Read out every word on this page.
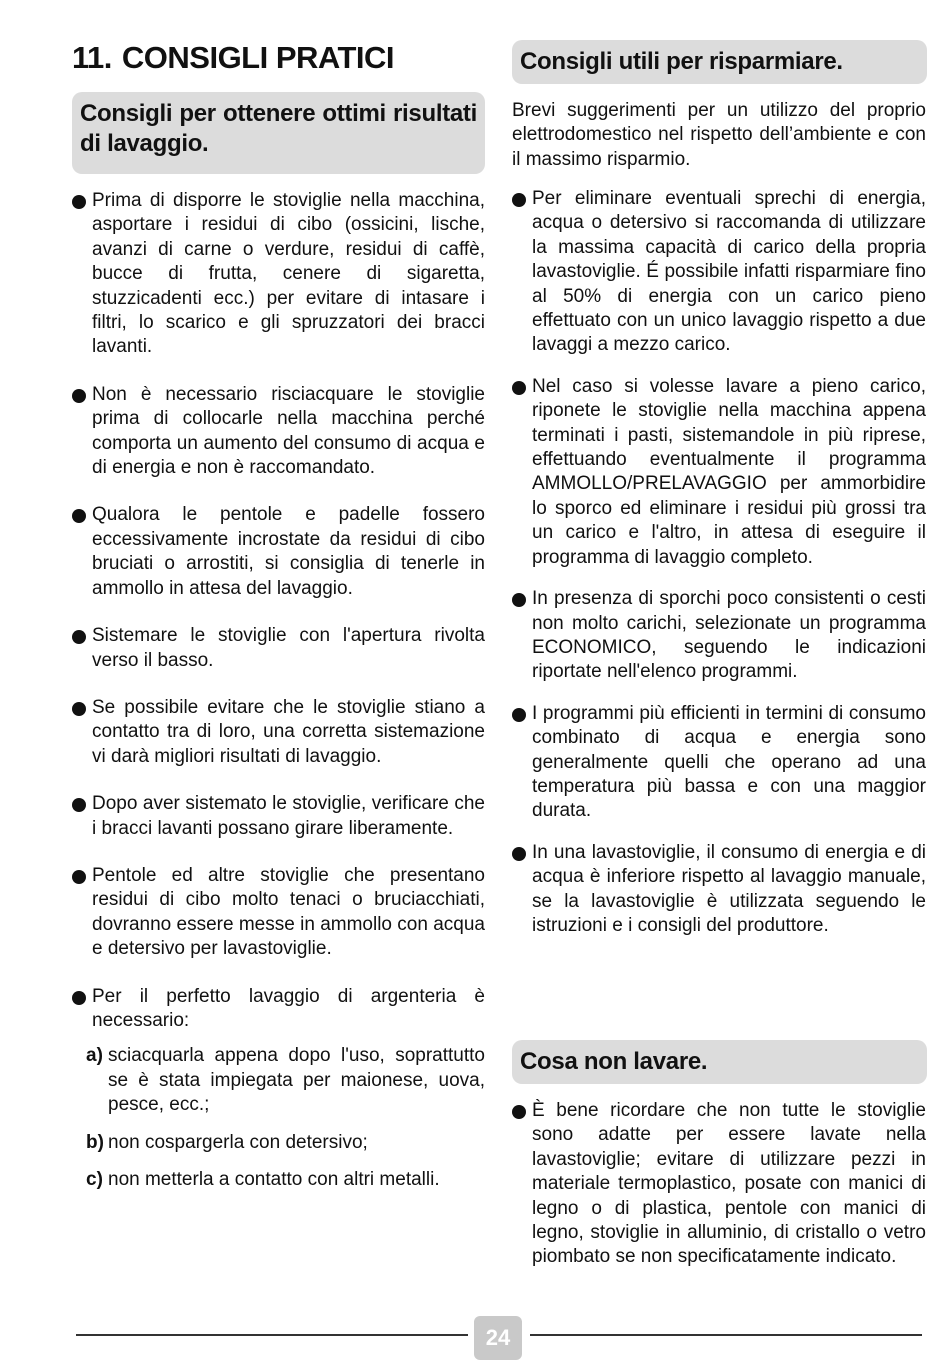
11. CONSIGLI PRATICI
Consigli per ottenere ottimi risultati di lavaggio.
Prima di disporre le stoviglie nella macchina, asportare i residui di cibo (ossicini, lische, avanzi di carne o verdure, residui di caffè, bucce di frutta, cenere di sigaretta, stuzzicadenti ecc.) per evitare di intasare i filtri, lo scarico e gli spruzzatori dei bracci lavanti.
Non è necessario risciacquare le stoviglie prima di collocarle nella macchina perché comporta un aumento del consumo di acqua e di energia e non è raccomandato.
Qualora le pentole e padelle fossero eccessivamente incrostate da residui di cibo bruciati o arrostiti, si consiglia di tenerle in ammollo in attesa del lavaggio.
Sistemare le stoviglie con l'apertura rivolta verso il basso.
Se possibile evitare che le stoviglie stiano a contatto tra di loro, una corretta sistemazione vi darà migliori risultati di lavaggio.
Dopo aver sistemato le stoviglie, verificare che i bracci lavanti possano girare liberamente.
Pentole ed altre stoviglie che presentano residui di cibo molto tenaci o bruciacchiati, dovranno essere messe in ammollo con acqua e detersivo per lavastoviglie.
Per il perfetto lavaggio di argenteria è necessario:
a) sciacquarla appena dopo l'uso, soprattutto se è stata impiegata per maionese, uova, pesce, ecc.;
b) non cospargerla con detersivo;
c) non metterla a contatto con altri metalli.
Consigli utili per risparmiare.

Brevi suggerimenti per un utilizzo del proprio elettrodomestico nel rispetto dell’ambiente e con il massimo risparmio.

Per eliminare eventuali sprechi di energia, acqua o detersivo si raccomanda di utilizzare la massima capacità di carico della propria lavastoviglie. É possibile infatti risparmiare fino al 50% di energia con un carico pieno effettuato con un unico lavaggio rispetto a due lavaggi a mezzo carico.
Nel caso si volesse lavare a pieno carico, riponete le stoviglie nella macchina appena terminati i pasti, sistemandole in più riprese, effettuando eventualmente il programma AMMOLLO/PRELAVAGGIO per ammorbidire lo sporco ed eliminare i residui più grossi tra un carico e l'altro, in attesa di eseguire il programma di lavaggio completo.
In presenza di sporchi poco consistenti o cesti non molto carichi, selezionate un programma ECONOMICO, seguendo le indicazioni riportate nell'elenco programmi.
I programmi più efficienti in termini di consumo combinato di acqua e energia sono generalmente quelli che operano ad una temperatura più bassa e con una maggior durata.
In una lavastoviglie, il consumo di energia e di acqua è inferiore rispetto al lavaggio manuale, se la lavastoviglie è utilizzata seguendo le istruzioni e i consigli del produttore.
Cosa non lavare.
È bene ricordare che non tutte le stoviglie sono adatte per essere lavate nella lavastoviglie; evitare di utilizzare pezzi in materiale termoplastico, posate con manici di legno o di plastica, pentole con manici di legno, stoviglie in alluminio, di cristallo o vetro piombato se non specificatamente indicato.
24
